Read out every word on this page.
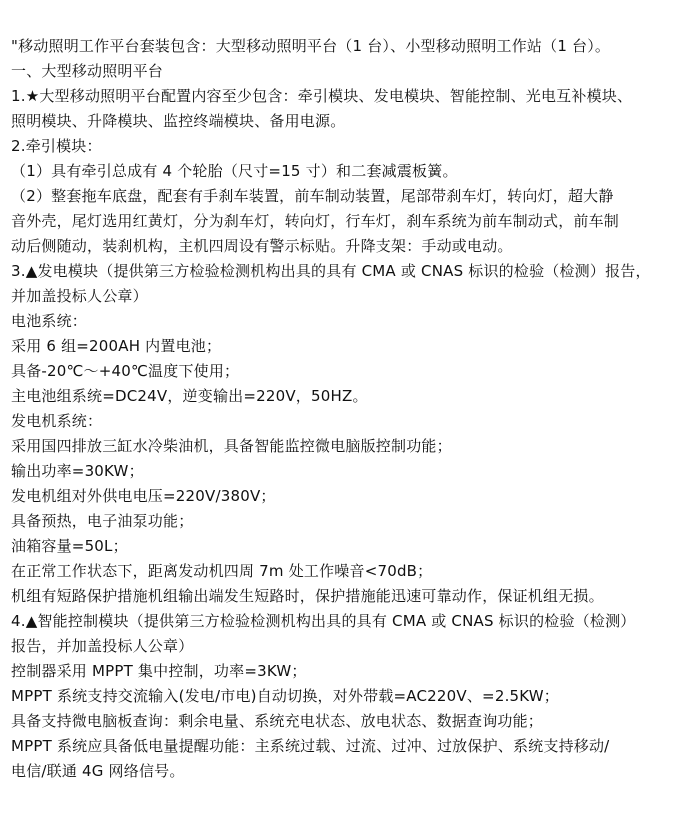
"移动照明工作平台套装包含：大型移动照明平台（1 台）、小型移动照明工作站（1 台）。

一、大型移动照明平台

1.★大型移动照明平台配置内容至少包含：牵引模块、发电模块、智能控制、光电互补模块、

照明模块、升降模块、监控终端模块、备用电源。

2.牵引模块：

（1）具有牵引总成有 4 个轮胎（尺寸=15 寸）和二套减震板簧。

（2）整套拖车底盘，配套有手刹车装置，前车制动装置，尾部带刹车灯，转向灯，超大静

音外壳，尾灯选用红黄灯，分为刹车灯，转向灯，行车灯，刹车系统为前车制动式，前车制

动后侧随动，装刹机构，主机四周设有警示标贴。升降支架：手动或电动。

3.▲发电模块（提供第三方检验检测机构出具的具有 CMA 或 CNAS 标识的检验（检测）报告，

并加盖投标人公章）

电池系统：

采用 6 组=200AH 内置电池；

具备-20℃～+40℃温度下使用；

主电池组系统=DC24V，逆变输出=220V，50HZ。

发电机系统：

采用国四排放三缸水冷柴油机，具备智能监控微电脑版控制功能；

输出功率=30KW；

发电机组对外供电电压=220V/380V；

具备预热，电子油泵功能；

油箱容量=50L；

在正常工作状态下，距离发动机四周 7m 处工作噪音<70dB；

机组有短路保护措施机组输出端发生短路时，保护措施能迅速可靠动作，保证机组无损。

4.▲智能控制模块（提供第三方检验检测机构出具的具有 CMA 或 CNAS 标识的检验（检测）

报告，并加盖投标人公章）

控制器采用 MPPT 集中控制，功率=3KW；

MPPT 系统支持交流输入(发电/市电)自动切换，对外带载=AC220V、=2.5KW；

具备支持微电脑板查询：剩余电量、系统充电状态、放电状态、数据查询功能；

MPPT 系统应具备低电量提醒功能：主系统过载、过流、过冲、过放保护、系统支持移动/

电信/联通 4G 网络信号。
